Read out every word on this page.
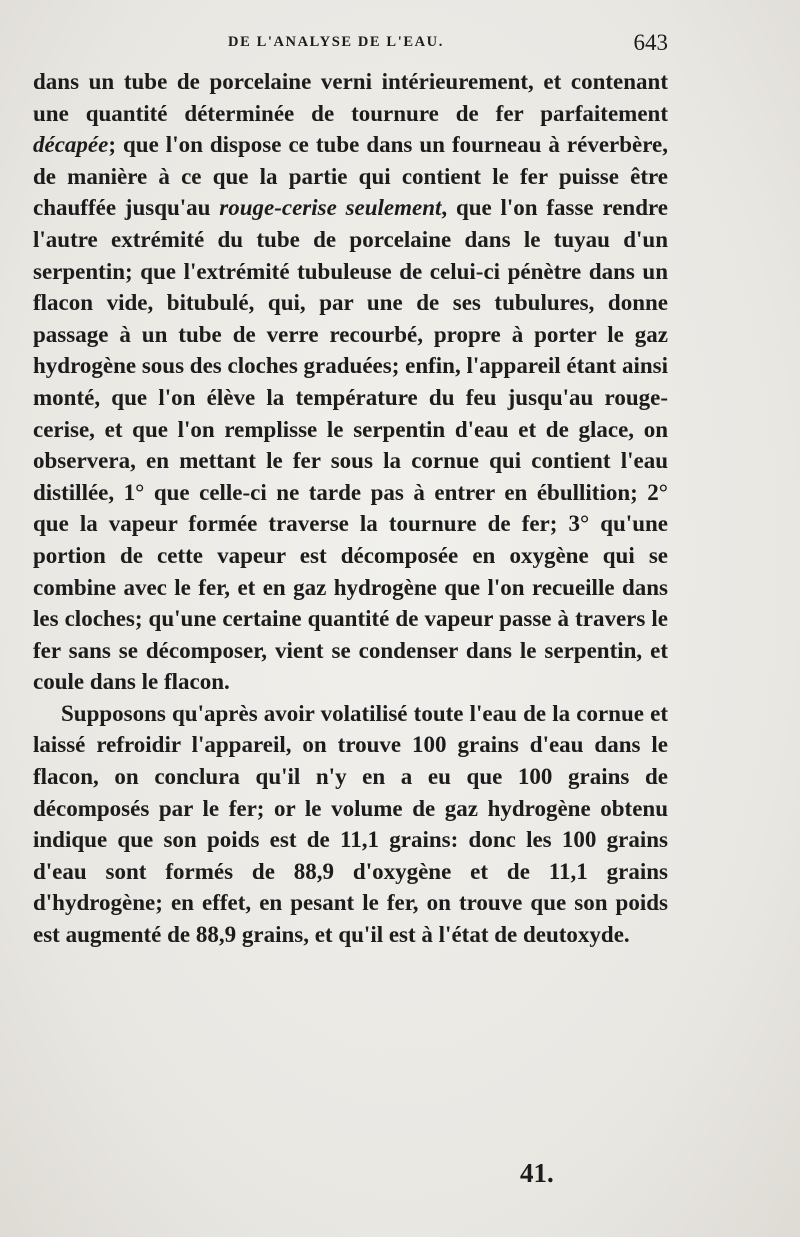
DE L'ANALYSE DE L'EAU.	643

dans un tube de porcelaine verni intérieurement, et contenant une quantité déterminée de tournure de fer parfaitement décapée; que l'on dispose ce tube dans un fourneau à réverbère, de manière à ce que la partie qui contient le fer puisse être chauffée jusqu'au rouge-cerise seulement, que l'on fasse rendre l'autre extrémité du tube de porcelaine dans le tuyau d'un serpentin; que l'extrémité tubuleuse de celui-ci pénètre dans un flacon vide, bitubulé, qui, par une de ses tubulures, donne passage à un tube de verre recourbé, propre à porter le gaz hydrogène sous des cloches graduées; enfin, l'appareil étant ainsi monté, que l'on élève la température du feu jusqu'au rouge-cerise, et que l'on remplisse le serpentin d'eau et de glace, on observera, en mettant le fer sous la cornue qui contient l'eau distillée, 1° que celle-ci ne tarde pas à entrer en ébullition; 2° que la vapeur formée traverse la tournure de fer; 3° qu'une portion de cette vapeur est décomposée en oxygène qui se combine avec le fer, et en gaz hydrogène que l'on recueille dans les cloches; qu'une certaine quantité de vapeur passe à travers le fer sans se décomposer, vient se condenser dans le serpentin, et coule dans le flacon.

Supposons qu'après avoir volatilisé toute l'eau de la cornue et laissé refroidir l'appareil, on trouve 100 grains d'eau dans le flacon, on conclura qu'il n'y en a eu que 100 grains de décomposés par le fer; or le volume de gaz hydrogène obtenu indique que son poids est de 11,1 grains: donc les 100 grains d'eau sont formés de 88,9 d'oxygène et de 11,1 grains d'hydrogène; en effet, en pesant le fer, on trouve que son poids est augmenté de 88,9 grains, et qu'il est à l'état de deutoxyde.

41.
